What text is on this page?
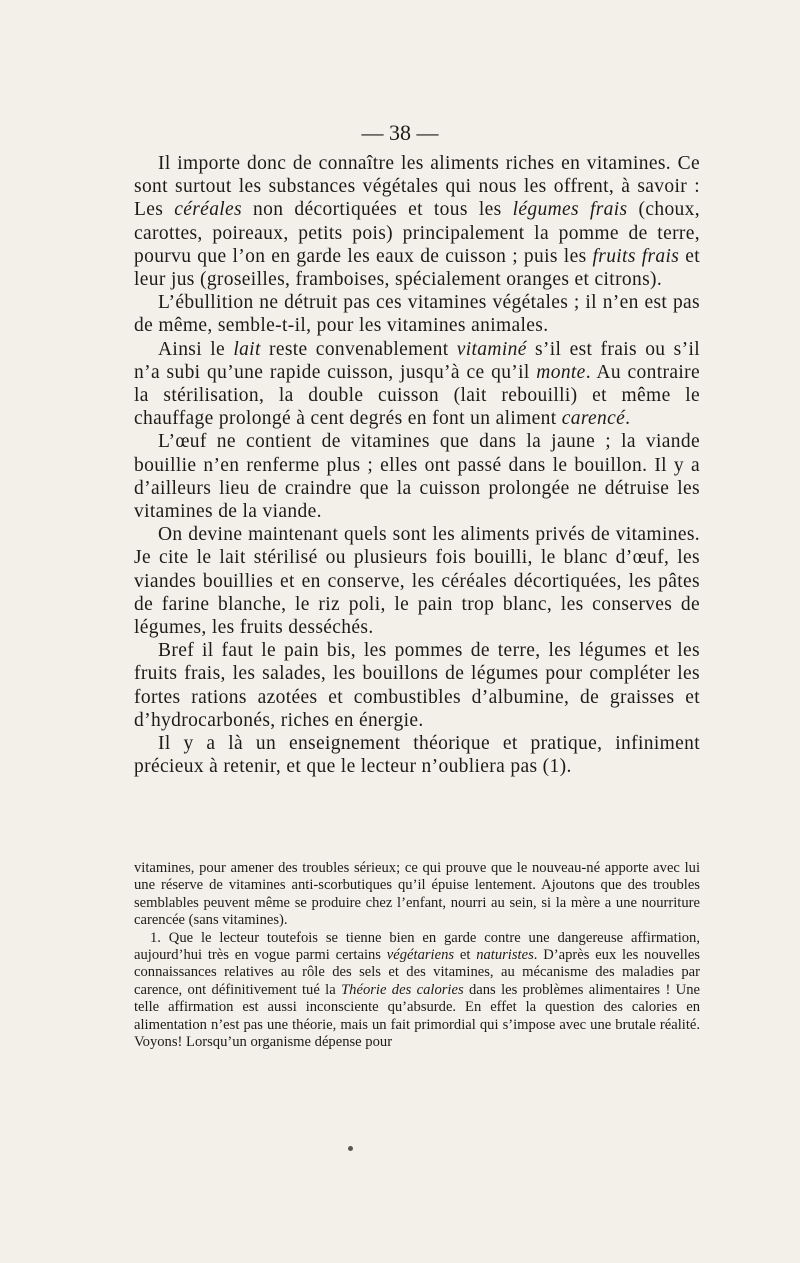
— 38 —

Il importe donc de connaître les aliments riches en vitamines. Ce sont surtout les substances végétales qui nous les offrent, à savoir : Les céréales non décortiquées et tous les légumes frais (choux, carottes, poireaux, petits pois) principalement la pomme de terre, pourvu que l’on en garde les eaux de cuisson ; puis les fruits frais et leur jus (groseilles, framboises, spécialement oranges et citrons).

L’ébullition ne détruit pas ces vitamines végétales ; il n’en est pas de même, semble-t-il, pour les vitamines animales.

Ainsi le lait reste convenablement vitaminé s’il est frais ou s’il n’a subi qu’une rapide cuisson, jusqu’à ce qu’il monte. Au contraire la stérilisation, la double cuisson (lait rebouilli) et même le chauffage prolongé à cent degrés en font un aliment carencé.

L’œuf ne contient de vitamines que dans la jaune ; la viande bouillie n’en renferme plus ; elles ont passé dans le bouillon. Il y a d’ailleurs lieu de craindre que la cuisson prolongée ne détruise les vitamines de la viande.

On devine maintenant quels sont les aliments privés de vitamines. Je cite le lait stérilisé ou plusieurs fois bouilli, le blanc d’œuf, les viandes bouillies et en conserve, les céréales décortiquées, les pâtes de farine blanche, le riz poli, le pain trop blanc, les conserves de légumes, les fruits desséchés.

Bref il faut le pain bis, les pommes de terre, les légumes et les fruits frais, les salades, les bouillons de légumes pour compléter les fortes rations azotées et combustibles d’albumine, de graisses et d’hydrocarbonés, riches en énergie.

Il y a là un enseignement théorique et pratique, infiniment précieux à retenir, et que le lecteur n’oubliera pas (1).

vitamines, pour amener des troubles sérieux; ce qui prouve que le nouveau-né apporte avec lui une réserve de vitamines anti-scorbutiques qu’il épuise lentement. Ajoutons que des troubles semblables peuvent même se produire chez l’enfant, nourri au sein, si la mère a une nourriture carencée (sans vitamines).

1. Que le lecteur toutefois se tienne bien en garde contre une dangereuse affirmation, aujourd’hui très en vogue parmi certains végétariens et naturistes. D’après eux les nouvelles connaissances relatives au rôle des sels et des vitamines, au mécanisme des maladies par carence, ont définitivement tué la Théorie des calories dans les problèmes alimentaires ! Une telle affirmation est aussi inconsciente qu’absurde. En effet la question des calories en alimentation n’est pas une théorie, mais un fait primordial qui s’impose avec une brutale réalité. Voyons! Lorsqu’un organisme dépense pour
